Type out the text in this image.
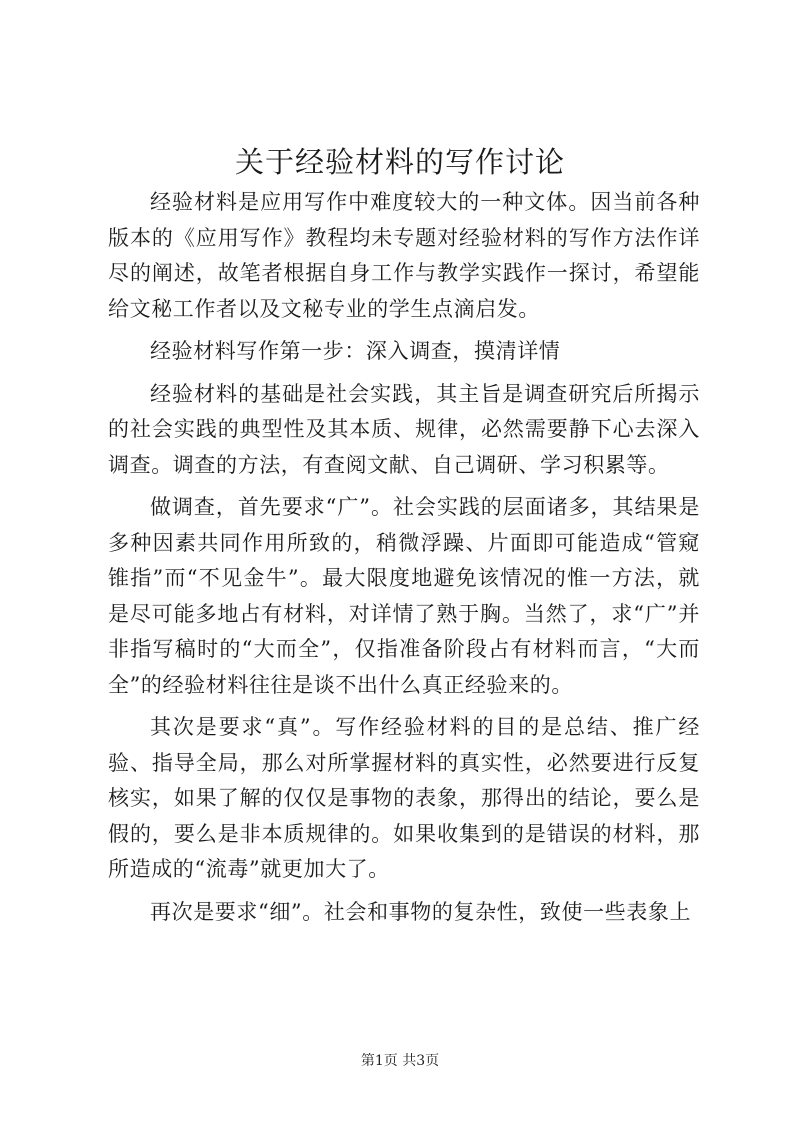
关于经验材料的写作讨论

经验材料是应用写作中难度较大的一种文体。因当前各种版本的《应用写作》教程均未专题对经验材料的写作方法作详尽的阐述，故笔者根据自身工作与教学实践作一探讨，希望能给文秘工作者以及文秘专业的学生点滴启发。

经验材料写作第一步：深入调查，摸清详情

经验材料的基础是社会实践，其主旨是调查研究后所揭示的社会实践的典型性及其本质、规律，必然需要静下心去深入调查。调查的方法，有查阅文献、自己调研、学习积累等。

做调查，首先要求“广”。社会实践的层面诸多，其结果是多种因素共同作用所致的，稍微浮躁、片面即可能造成“管窥锥指”而“不见金牛”。最大限度地避免该情况的惟一方法，就是尽可能多地占有材料，对详情了熟于胸。当然了，求“广”并非指写稿时的“大而全”，仅指准备阶段占有材料而言，“大而全”的经验材料往往是谈不出什么真正经验来的。

其次是要求“真”。写作经验材料的目的是总结、推广经验、指导全局，那么对所掌握材料的真实性，必然要进行反复核实，如果了解的仅仅是事物的表象，那得出的结论，要么是假的，要么是非本质规律的。如果收集到的是错误的材料，那所造成的“流毒”就更加大了。

再次是要求“细”。社会和事物的复杂性，致使一些表象上

第1页 共3页
